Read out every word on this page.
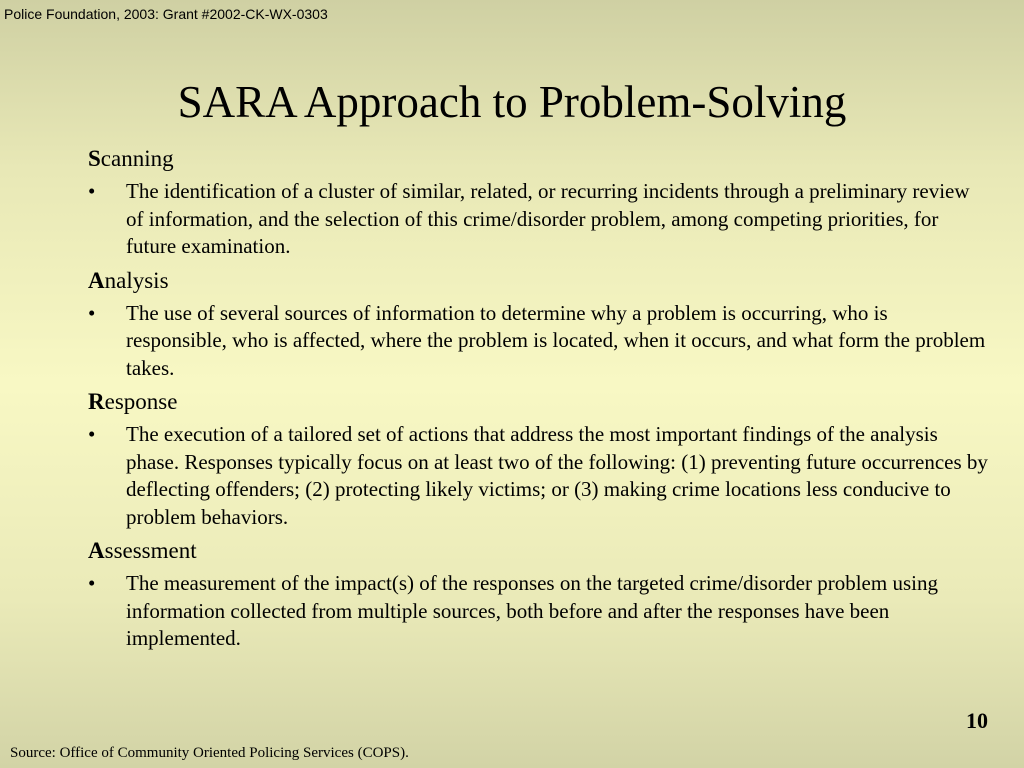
Police Foundation, 2003: Grant #2002-CK-WX-0303
SARA Approach to Problem-Solving
Scanning
• The identification of a cluster of similar, related, or recurring incidents through a preliminary review of information, and the selection of this crime/disorder problem, among competing priorities, for future examination.
Analysis
• The use of several sources of information to determine why a problem is occurring, who is responsible, who is affected, where the problem is located, when it occurs, and what form the problem takes.
Response
• The execution of a tailored set of actions that address the most important findings of the analysis phase. Responses typically focus on at least two of the following: (1) preventing future occurrences by deflecting offenders; (2) protecting likely victims; or (3) making crime locations less conducive to problem behaviors.
Assessment
• The measurement of the impact(s) of the responses on the targeted crime/disorder problem using information collected from multiple sources, both before and after the responses have been implemented.
10
Source: Office of Community Oriented Policing Services (COPS).
